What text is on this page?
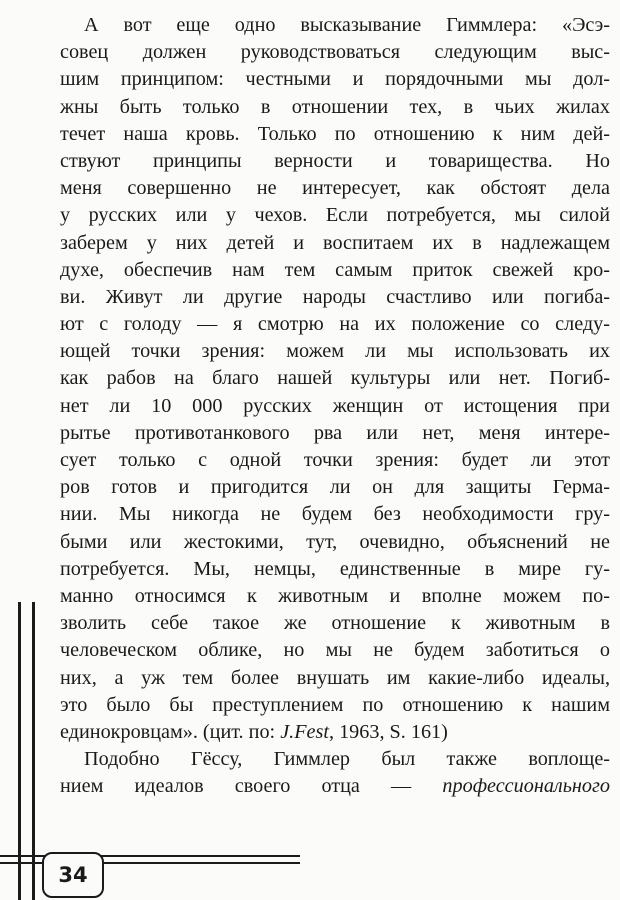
А вот еще одно высказывание Гиммлера: «Эсэ-
совец должен руководствоваться следующим выс-
шим принципом: честными и порядочными мы дол-
жны быть только в отношении тех, в чьих жилах
течет наша кровь. Только по отношению к ним дей-
ствуют принципы верности и товарищества. Но
меня совершенно не интересует, как обстоят дела
у русских или у чехов. Если потребуется, мы силой
заберем у них детей и воспитаем их в надлежащем
духе, обеспечив нам тем самым приток свежей кро-
ви. Живут ли другие народы счастливо или погиба-
ют с голоду — я смотрю на их положение со следу-
ющей точки зрения: можем ли мы использовать их
как рабов на благо нашей культуры или нет. Погиб-
нет ли 10 000 русских женщин от истощения при
рытье противотанкового рва или нет, меня интере-
сует только с одной точки зрения: будет ли этот
ров готов и пригодится ли он для защиты Герма-
нии. Мы никогда не будем без необходимости гру-
быми или жестокими, тут, очевидно, объяснений не
потребуется. Мы, немцы, единственные в мире гу-
манно относимся к животным и вполне можем по-
зволить себе такое же отношение к животным в
человеческом облике, но мы не будем заботиться о
них, а уж тем более внушать им какие-либо идеалы,
это было бы преступлением по отношению к нашим
единокровцам». (цит. по: J.Fest, 1963, S. 161)
Подобно Гёссу, Гиммлер был также воплоще-
нием идеалов своего отца — профессионального
34
